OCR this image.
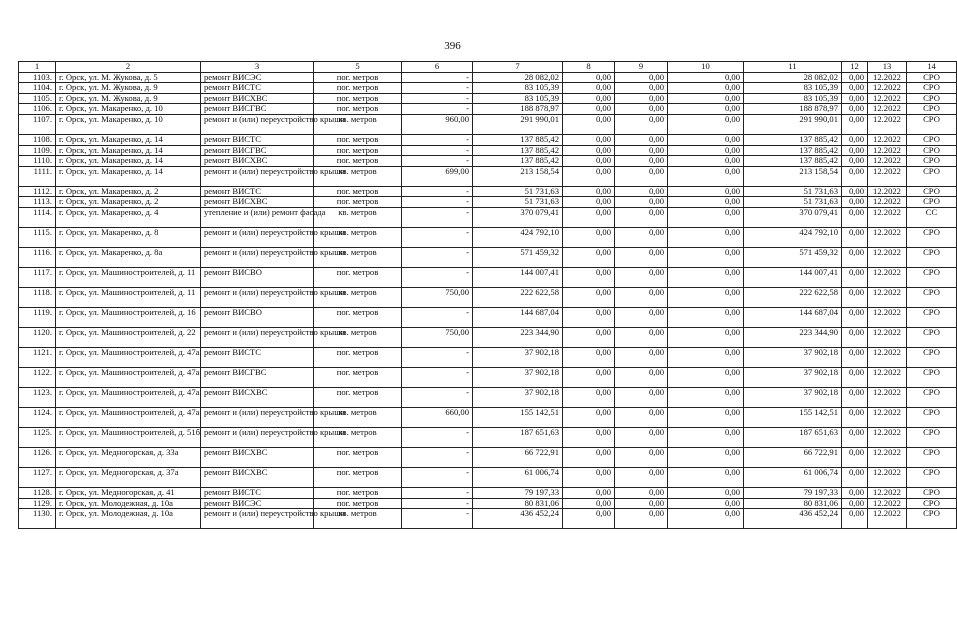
396
1	2	3	5	6	7	8	9	10	11	12	13	14
1103.	г. Орск, ул. М. Жукова, д. 5	ремонт ВИСЭС	пог. метров	-	28 082,02	0,00	0,00	0,00	28 082,02	0,00	12.2022	СРО
1104.	г. Орск, ул. М. Жукова, д. 9	ремонт ВИСТС	пог. метров	-	83 105,39	0,00	0,00	0,00	83 105,39	0,00	12.2022	СРО
1105.	г. Орск, ул. М. Жукова, д. 9	ремонт ВИСХВС	пог. метров	-	83 105,39	0,00	0,00	0,00	83 105,39	0,00	12.2022	СРО
1106.	г. Орск, ул. Макаренко, д. 10	ремонт ВИСГВС	пог. метров	-	188 878,97	0,00	0,00	0,00	188 878,97	0,00	12.2022	СРО
1107.	г. Орск, ул. Макаренко, д. 10	ремонт и (или) переустройство крыши	кв. метров	960,00	291 990,01	0,00	0,00	0,00	291 990,01	0,00	12.2022	СРО
1108.	г. Орск, ул. Макаренко, д. 14	ремонт ВИСТС	пог. метров	-	137 885,42	0,00	0,00	0,00	137 885,42	0,00	12.2022	СРО
1109.	г. Орск, ул. Макаренко, д. 14	ремонт ВИСГВС	пог. метров	-	137 885,42	0,00	0,00	0,00	137 885,42	0,00	12.2022	СРО
1110.	г. Орск, ул. Макаренко, д. 14	ремонт ВИСХВС	пог. метров	-	137 885,42	0,00	0,00	0,00	137 885,42	0,00	12.2022	СРО
1111.	г. Орск, ул. Макаренко, д. 14	ремонт и (или) переустройство крыши	кв. метров	699,00	213 158,54	0,00	0,00	0,00	213 158,54	0,00	12.2022	СРО
1112.	г. Орск, ул. Макаренко, д. 2	ремонт ВИСТС	пог. метров	-	51 731,63	0,00	0,00	0,00	51 731,63	0,00	12.2022	СРО
1113.	г. Орск, ул. Макаренко, д. 2	ремонт ВИСХВС	пог. метров	-	51 731,63	0,00	0,00	0,00	51 731,63	0,00	12.2022	СРО
1114.	г. Орск, ул. Макаренко, д. 4	утепление и (или) ремонт фасада	кв. метров	-	370 079,41	0,00	0,00	0,00	370 079,41	0,00	12.2022	СС
1115.	г. Орск, ул. Макаренко, д. 8	ремонт и (или) переустройство крыши	кв. метров	-	424 792,10	0,00	0,00	0,00	424 792,10	0,00	12.2022	СРО
1116.	г. Орск, ул. Макаренко, д. 8а	ремонт и (или) переустройство крыши	кв. метров	-	571 459,32	0,00	0,00	0,00	571 459,32	0,00	12.2022	СРО
1117.	г. Орск, ул. Машиностроителей, д. 11	ремонт ВИСВО	пог. метров	-	144 007,41	0,00	0,00	0,00	144 007,41	0,00	12.2022	СРО
1118.	г. Орск, ул. Машиностроителей, д. 11	ремонт и (или) переустройство крыши	кв. метров	750,00	222 622,58	0,00	0,00	0,00	222 622,58	0,00	12.2022	СРО
1119.	г. Орск, ул. Машиностроителей, д. 16	ремонт ВИСВО	пог. метров	-	144 687,04	0,00	0,00	0,00	144 687,04	0,00	12.2022	СРО
1120.	г. Орск, ул. Машиностроителей, д. 22	ремонт и (или) переустройство крыши	кв. метров	750,00	223 344,90	0,00	0,00	0,00	223 344,90	0,00	12.2022	СРО
1121.	г. Орск, ул. Машиностроителей, д. 47а	ремонт ВИСТС	пог. метров	-	37 902,18	0,00	0,00	0,00	37 902,18	0,00	12.2022	СРО
1122.	г. Орск, ул. Машиностроителей, д. 47а	ремонт ВИСГВС	пог. метров	-	37 902,18	0,00	0,00	0,00	37 902,18	0,00	12.2022	СРО
1123.	г. Орск, ул. Машиностроителей, д. 47а	ремонт ВИСХВС	пог. метров	-	37 902,18	0,00	0,00	0,00	37 902,18	0,00	12.2022	СРО
1124.	г. Орск, ул. Машиностроителей, д. 47а	ремонт и (или) переустройство крыши	кв. метров	660,00	155 142,51	0,00	0,00	0,00	155 142,51	0,00	12.2022	СРО
1125.	г. Орск, ул. Машиностроителей, д. 51б	ремонт и (или) переустройство крыши	кв. метров	-	187 651,63	0,00	0,00	0,00	187 651,63	0,00	12.2022	СРО
1126.	г. Орск, ул. Медногорская, д. 33а	ремонт ВИСХВС	пог. метров	-	66 722,91	0,00	0,00	0,00	66 722,91	0,00	12.2022	СРО
1127.	г. Орск, ул. Медногорская, д. 37а	ремонт ВИСХВС	пог. метров	-	61 006,74	0,00	0,00	0,00	61 006,74	0,00	12.2022	СРО
1128.	г. Орск, ул. Медногорская, д. 41	ремонт ВИСТС	пог. метров	-	79 197,33	0,00	0,00	0,00	79 197,33	0,00	12.2022	СРО
1129.	г. Орск, ул. Молодежная, д. 10а	ремонт ВИСЭС	пог. метров	-	80 831,06	0,00	0,00	0,00	80 831,06	0,00	12.2022	СРО
1130.	г. Орск, ул. Молодежная, д. 10а	ремонт и (или) переустройство крыши	кв. метров	-	436 452,24	0,00	0,00	0,00	436 452,24	0,00	12.2022	СРО
